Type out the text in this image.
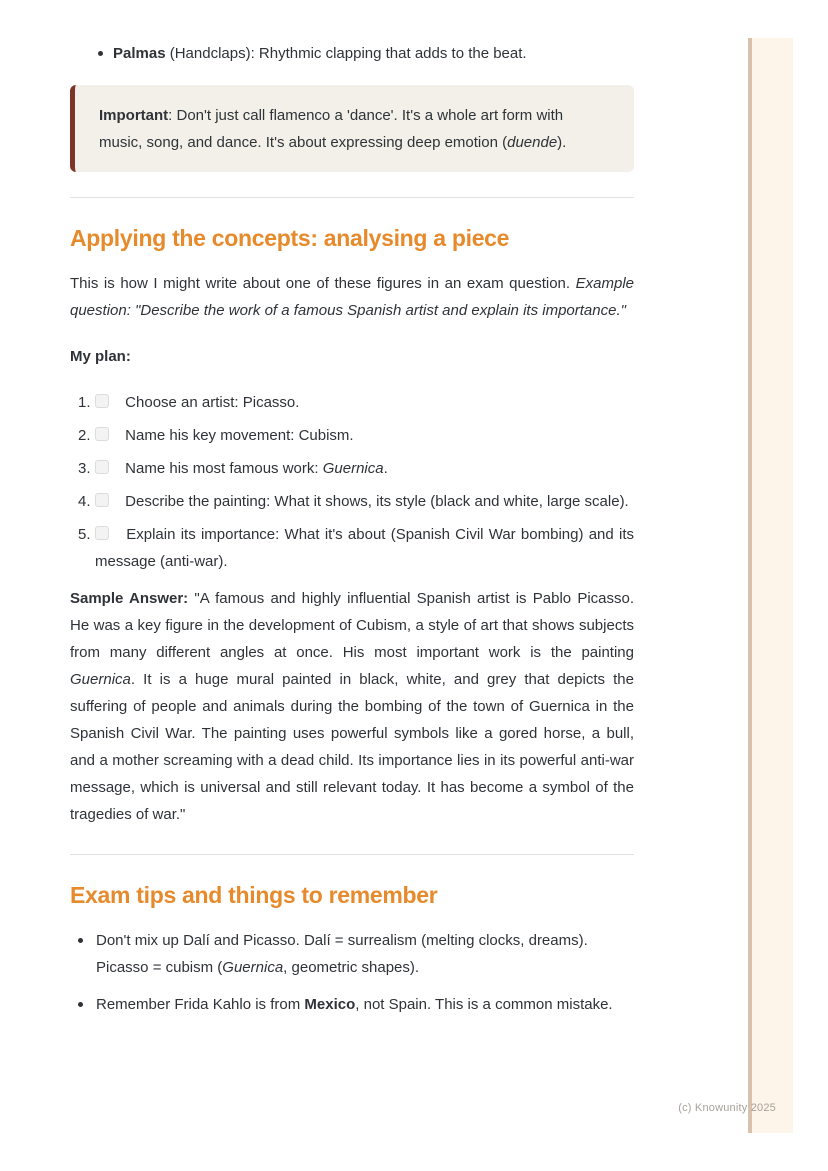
Palmas (Handclaps): Rhythmic clapping that adds to the beat.

Important: Don't just call flamenco a 'dance'. It's a whole art form with music, song, and dance. It's about expressing deep emotion (duende).

Applying the concepts: analysing a piece

This is how I might write about one of these figures in an exam question. Example question: "Describe the work of a famous Spanish artist and explain its importance."

My plan:

1. Choose an artist: Picasso.
2. Name his key movement: Cubism.
3. Name his most famous work: Guernica.
4. Describe the painting: What it shows, its style (black and white, large scale).
5. Explain its importance: What it's about (Spanish Civil War bombing) and its message (anti-war).

Sample Answer: "A famous and highly influential Spanish artist is Pablo Picasso. He was a key figure in the development of Cubism, a style of art that shows subjects from many different angles at once. His most important work is the painting Guernica. It is a huge mural painted in black, white, and grey that depicts the suffering of people and animals during the bombing of the town of Guernica in the Spanish Civil War. The painting uses powerful symbols like a gored horse, a bull, and a mother screaming with a dead child. Its importance lies in its powerful anti-war message, which is universal and still relevant today. It has become a symbol of the tragedies of war."

Exam tips and things to remember
Don't mix up Dalí and Picasso. Dalí = surrealism (melting clocks, dreams). Picasso = cubism (Guernica, geometric shapes).
Remember Frida Kahlo is from Mexico, not Spain. This is a common mistake.
(c) Knowunity 2025
